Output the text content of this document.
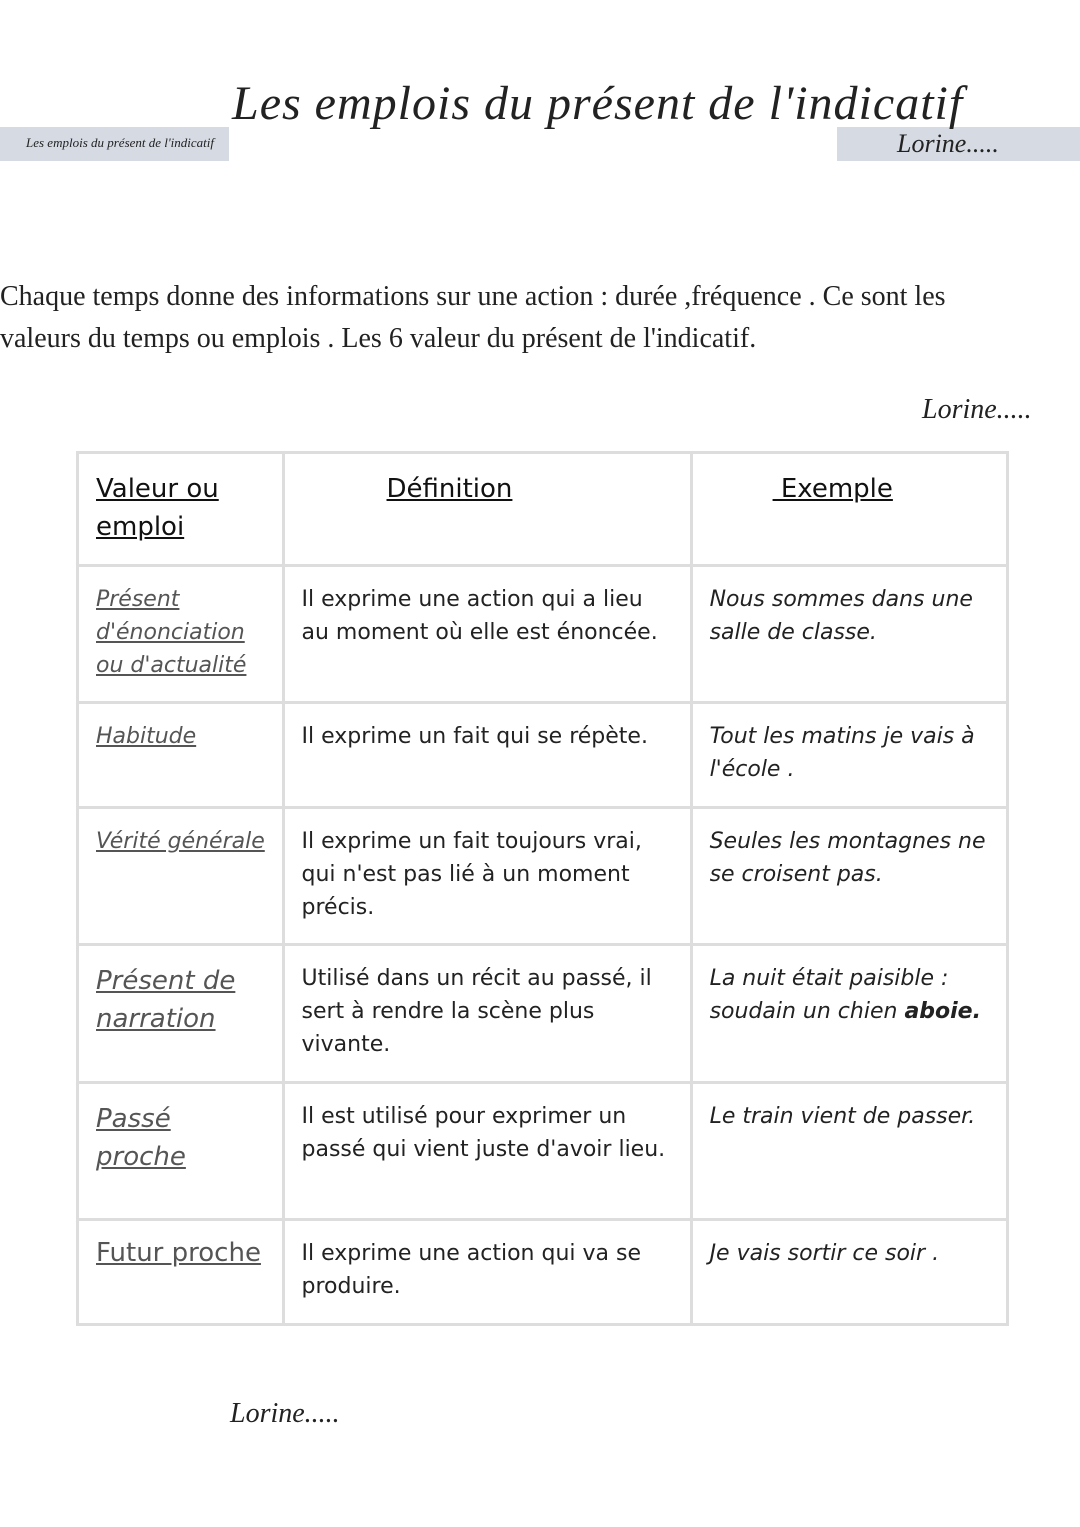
Les emplois du présent de l'indicatif	Lorine.....
Les emplois du présent de l'indicatif

Chaque temps donne des informations sur une action : durée ,fréquence . Ce sont les

valeurs du temps ou emplois . Les 6 valeur du présent de l'indicatif.

Lorine.....
Valeur ou emploi	Définition	Exemple
Présent d'énonciation ou d'actualité	Il exprime une action qui a lieu au moment où elle est énoncée.	Nous sommes dans une salle de classe.
Habitude	Il exprime un fait qui se répète.	Tout les matins je vais à l'école .
Vérité générale	Il exprime un fait toujours vrai, qui n'est pas lié à un moment précis.	Seules les montagnes ne se croisent pas.
Présent de narration	Utilisé dans un récit au passé, il sert à rendre la scène plus vivante.	La nuit était paisible : soudain un chien aboie.
Passé proche	Il est utilisé pour exprimer un passé qui vient juste d'avoir lieu.	Le train vient de passer.
Futur proche	Il exprime une action qui va se produire.	Je vais sortir ce soir .
Lorine.....
